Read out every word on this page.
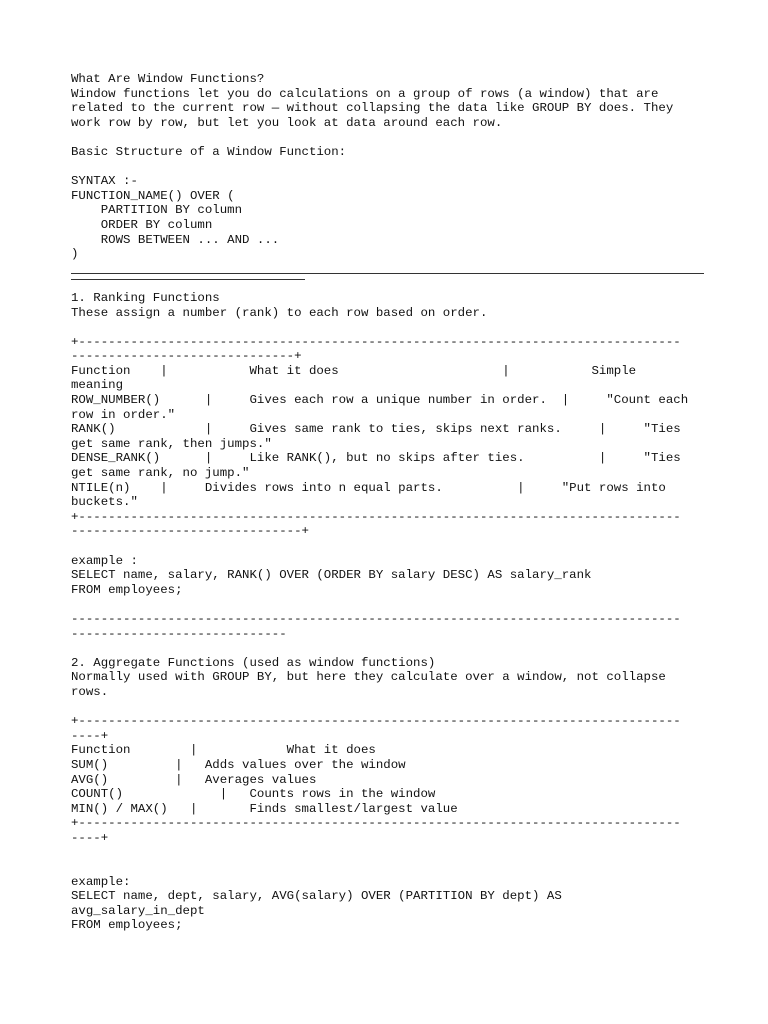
What Are Window Functions?
Window functions let you do calculations on a group of rows (a window) that are
related to the current row — without collapsing the data like GROUP BY does. They
work row by row, but let you look at data around each row.
Basic Structure of a Window Function:
SYNTAX :-
FUNCTION_NAME() OVER (
PARTITION BY column
ORDER BY column
ROWS BETWEEN ... AND ...
)
1. Ranking Functions
These assign a number (rank) to each row based on order.
+---------------------------------------------------------------------------------
------------------------------+
Function    |           What it does                      |           Simple
meaning
ROW_NUMBER()      |     Gives each row a unique number in order.  |     "Count each
row in order."
RANK()            |     Gives same rank to ties, skips next ranks.     |     "Ties
get same rank, then jumps."
DENSE_RANK()      |     Like RANK(), but no skips after ties.          |     "Ties
get same rank, no jump."
NTILE(n)    |     Divides rows into n equal parts.          |     "Put rows into
buckets."
+---------------------------------------------------------------------------------
-------------------------------+
example :
SELECT name, salary, RANK() OVER (ORDER BY salary DESC) AS salary_rank
FROM employees;
----------------------------------------------------------------------------------
-----------------------------
2. Aggregate Functions (used as window functions)
Normally used with GROUP BY, but here they calculate over a window, not collapse
rows.
+---------------------------------------------------------------------------------
----+
Function        |            What it does
SUM()         |   Adds values over the window
AVG()         |   Averages values
COUNT()             |   Counts rows in the window
MIN() / MAX()   |       Finds smallest/largest value
+---------------------------------------------------------------------------------
----+
example:
SELECT name, dept, salary, AVG(salary) OVER (PARTITION BY dept) AS
avg_salary_in_dept
FROM employees;
